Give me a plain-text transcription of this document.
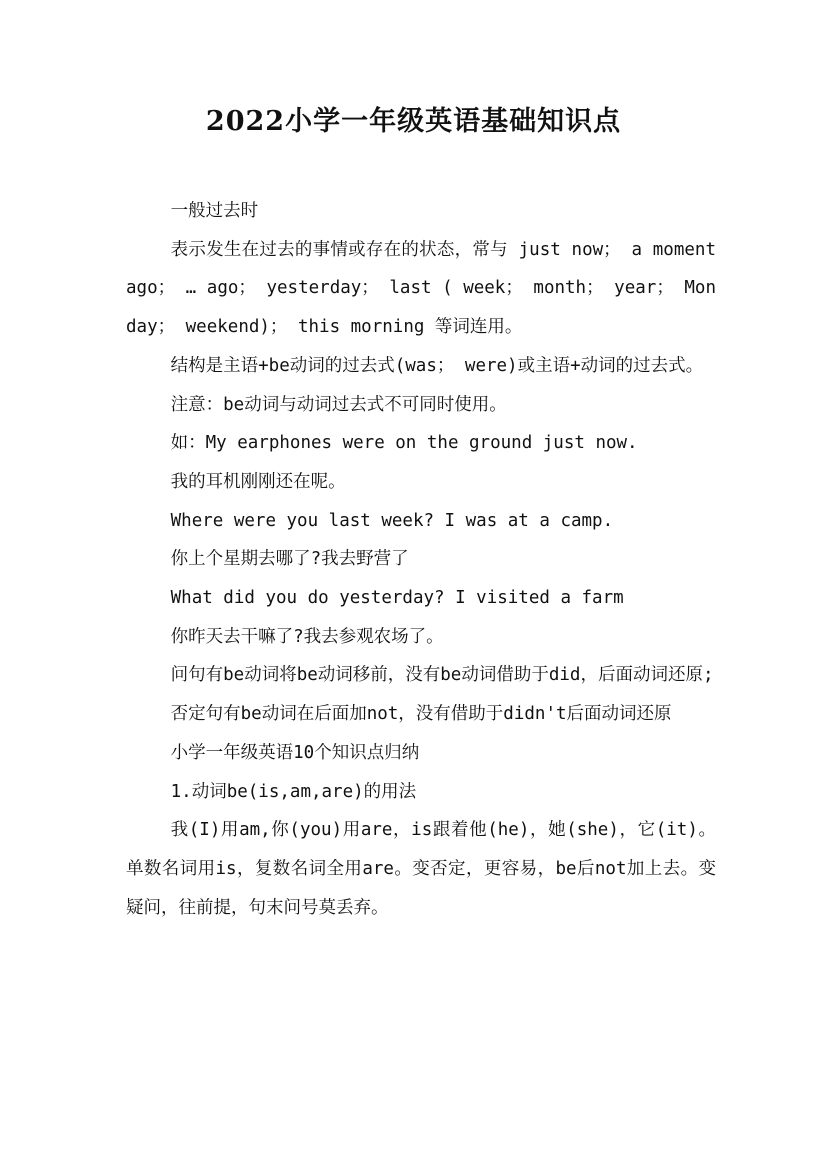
2022小学一年级英语基础知识点

一般过去时

表示发生在过去的事情或存在的状态，常与 just now； a moment ago； … ago； yesterday； last ( week； month； year； Monday； weekend)； this morning 等词连用。

结构是主语+be动词的过去式(was； were)或主语+动词的过去式。

注意：be动词与动词过去式不可同时使用。

如：My earphones were on the ground just now.

我的耳机刚刚还在呢。

Where were you last week? I was at a camp.

你上个星期去哪了?我去野营了

What did you do yesterday? I visited a farm

你昨天去干嘛了?我去参观农场了。

问句有be动词将be动词移前，没有be动词借助于did，后面动词还原;

否定句有be动词在后面加not，没有借助于didn't后面动词还原

小学一年级英语10个知识点归纳

1.动词be(is,am,are)的用法

我(I)用am,你(you)用are，is跟着他(he)，她(she)，它(it)。单数名词用is，复数名词全用are。变否定，更容易，be后not加上去。变疑问，往前提，句末问号莫丢弃。
